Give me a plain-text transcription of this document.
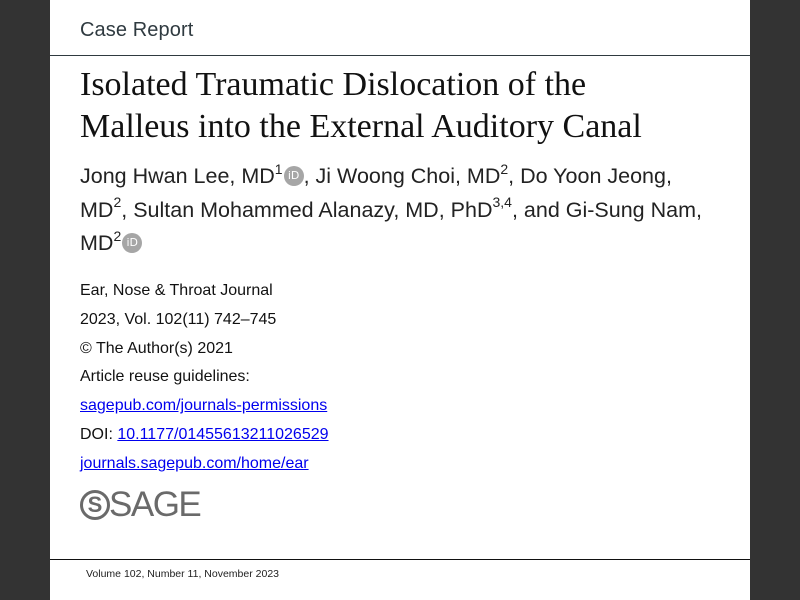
Case Report
Isolated Traumatic Dislocation of the
Malleus into the External Auditory Canal
Jong Hwan Lee, $MD^1$ iD , Ji Woong Choi, $MD^2$, Do Yoon Jeong, $MD^2$, Sultan Mohammed Alanazy, MD, PhD$^{3,4}$, and Gi-Sung Nam, $MD^2$ iD
Ear, Nose & Throat Journal
2023, Vol. 102(11) 742–745
© The Author(s) 2021
Article reuse guidelines:
sagepub.com/journals-permissions
DOI: 10.1177/01455613211026529
journals.sagepub.com/home/ear
S SAGE
Volume 102, Number 11, November 2023
